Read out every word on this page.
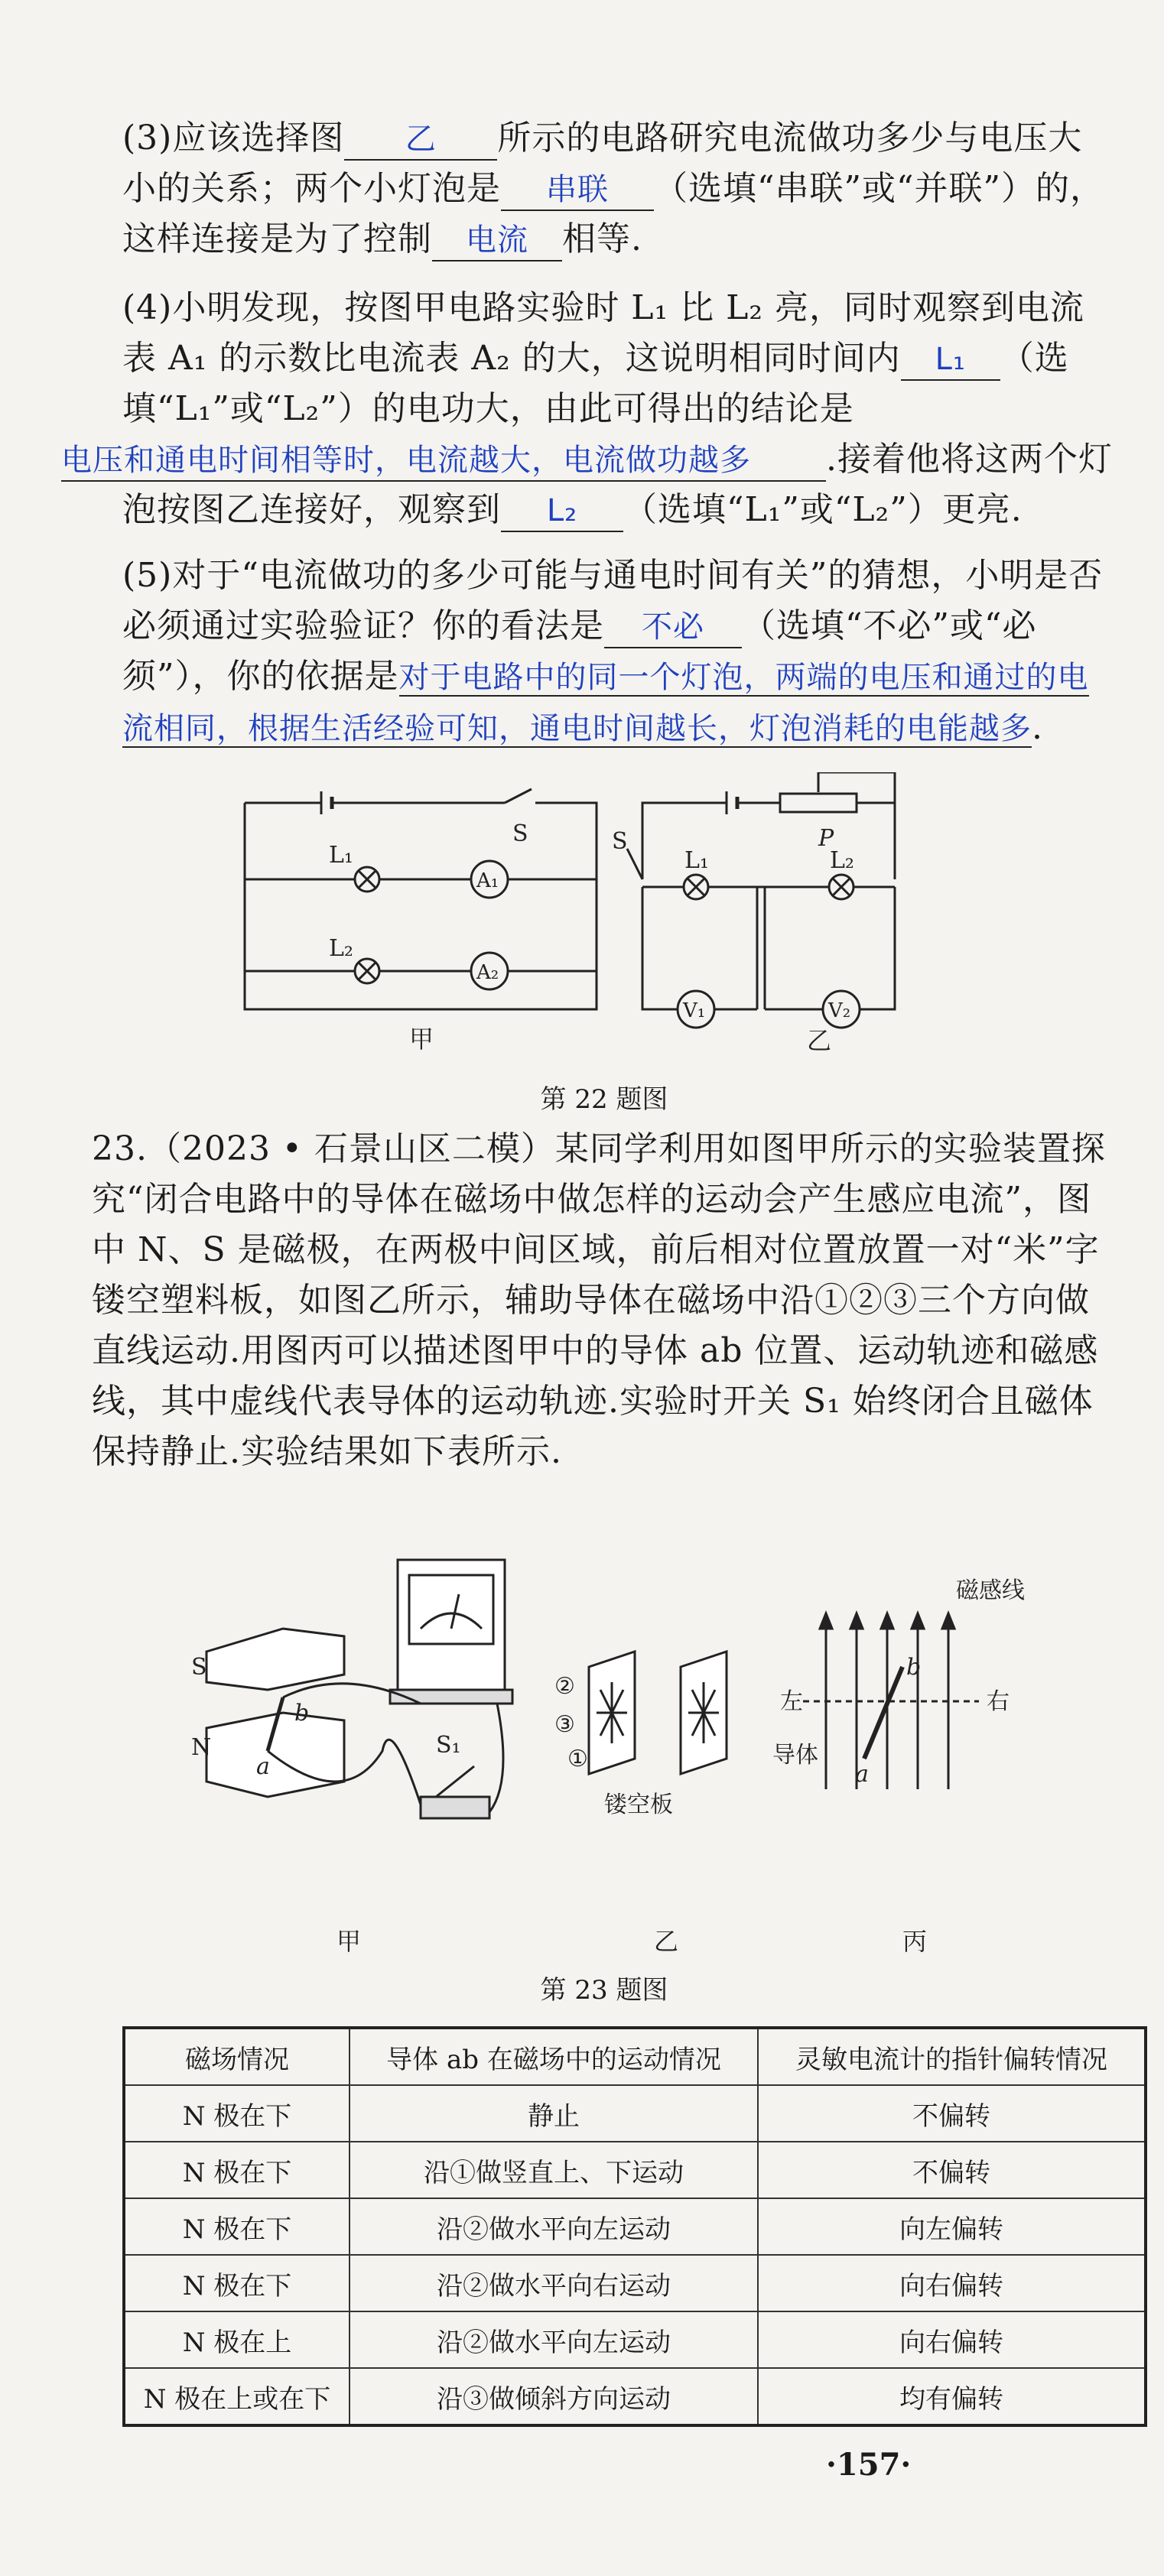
(3)应该选择图 乙 所示的电路研究电流做功多少与电压大小的关系；两个小灯泡是 串联 （选填“串联”或“并联”）的，这样连接是为了控制 电流 相等.
(4)小明发现，按图甲电路实验时 L₁ 比 L₂ 亮，同时观察到电流表 A₁ 的示数比电流表 A₂ 的大，这说明相同时间内 L₁ （选填“L₁”或“L₂”）的电功大，由此可得出的结论是电压和通电时间相等时，电流越大，电流做功越多 .接着他将这两个灯泡按图乙连接好，观察到 L₂ （选填“L₁”或“L₂”）更亮.
(5)对于“电流做功的多少可能与通电时间有关”的猜想，小明是否必须通过实验验证？你的看法是 不必 （选填“不必”或“必须”），你的依据是对于电路中的同一个灯泡，两端的电压和通过的电流相同，根据生活经验可知，通电时间越长，灯泡消耗的电能越多.
S
L₁
L₂
A₁
A₂
甲
S	P
L₁	L₂
V₁	V₂
乙
第 22 题图
23.（2023 • 石景山区二模）某同学利用如图甲所示的实验装置探究“闭合电路中的导体在磁场中做怎样的运动会产生感应电流”，图中 N、S 是磁极，在两极中间区域，前后相对位置放置一对“米”字镂空塑料板，如图乙所示，辅助导体在磁场中沿①②③三个方向做直线运动.用图丙可以描述图甲中的导体 ab 位置、运动轨迹和磁感线，其中虚线代表导体的运动轨迹.实验时开关 S₁ 始终闭合且磁体保持静止.实验结果如下表所示.
S
N
a
b
S₁
甲
②
③
①
镂空板
乙
磁感线
左	右
导体
a
b
丙
第 23 题图
磁场情况	导体 ab 在磁场中的运动情况	灵敏电流计的指针偏转情况
N 极在下	静止	不偏转
N 极在下	沿①做竖直上、下运动	不偏转
N 极在下	沿②做水平向左运动	向左偏转
N 极在下	沿②做水平向右运动	向右偏转
N 极在上	沿②做水平向左运动	向右偏转
N 极在上或在下	沿③做倾斜方向运动	均有偏转
·157·
